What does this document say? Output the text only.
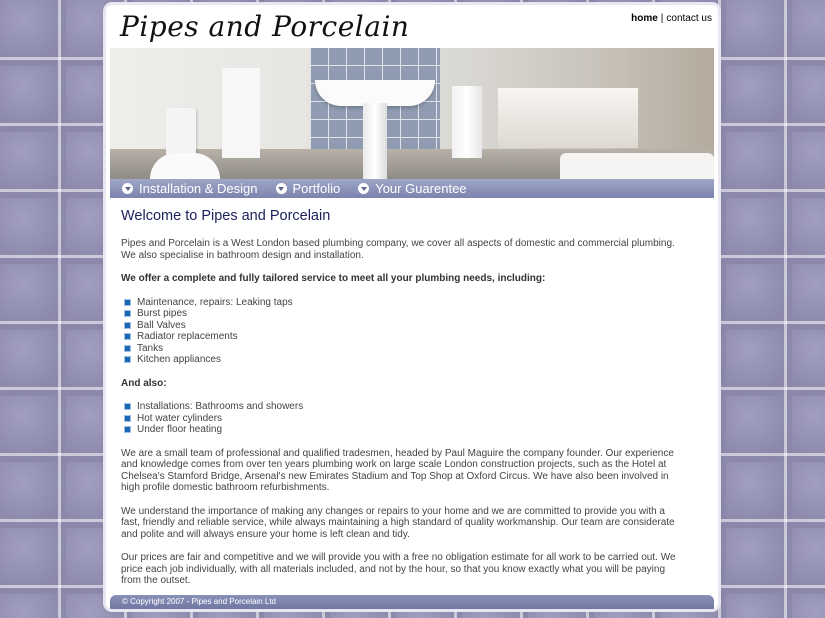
Pipes and Porcelain	home | contact us
Installation & Design	Portfolio	Your Guarentee
Welcome to Pipes and Porcelain

Pipes and Porcelain is a West London based plumbing company, we cover all aspects of domestic and commercial plumbing. We also specialise in bathroom design and installation.

We offer a complete and fully tailored service to meet all your plumbing needs, including:

Maintenance, repairs: Leaking taps
Burst pipes
Ball Valves
Radiator replacements
Tanks
Kitchen appliances

And also:

Installations: Bathrooms and showers
Hot water cylinders
Under floor heating

We are a small team of professional and qualified tradesmen, headed by Paul Maguire the company founder. Our experience and knowledge comes from over ten years plumbing work on large scale London construction projects, such as the Hotel at Chelsea's Stamford Bridge, Arsenal's new Emirates Stadium and Top Shop at Oxford Circus. We have also been involved in high profile domestic bathroom refurbishments.

We understand the importance of making any changes or repairs to your home and we are committed to provide you with a fast, friendly and reliable service, while always maintaining a high standard of quality workmanship. Our team are considerate and polite and will always ensure your home is left clean and tidy.

Our prices are fair and competitive and we will provide you with a free no obligation estimate for all work to be carried out. We price each job individually, with all materials included, and not by the hour, so that you know exactly what you will be paying from the outset.

© Copyright 2007 - Pipes and Porcelain Ltd
